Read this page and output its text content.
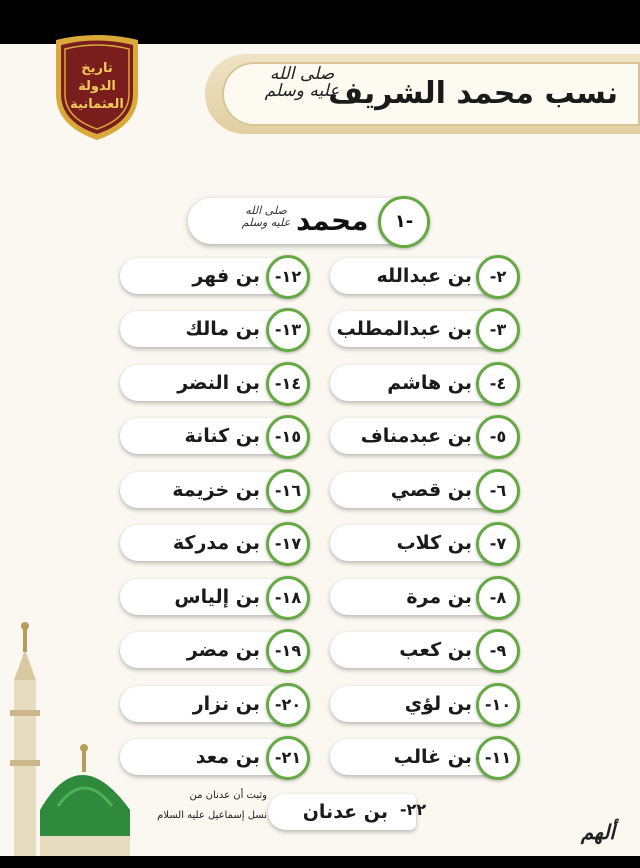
نسب محمد الشريف
صلى الله عليه وسلم
تاريخ
الدولة
العثمانية
محمد
صلى الله عليه وسلم	١-
بن عبدالله	٢-
بن عبدالمطلب	٣-
بن هاشم	٤-
بن عبدمناف	٥-
بن قصي	٦-
بن كلاب	٧-
بن مرة	٨-
بن كعب	٩-
بن لؤي ١٠-
بن غالب ١١-
بن فهر ١٢-
بن مالك ١٣-
بن النضر ١٤-
بن كنانة ١٥-
بن خزيمة ١٦-
بن مدركة ١٧-
بن إلياس ١٨-
بن مضر ١٩-
بن نزار ٢٠-
بن معد ٢١-
وثبت أن عدنان من
نسل إسماعيل عليه السلام بن عدنان ٢٢-
ألهم
